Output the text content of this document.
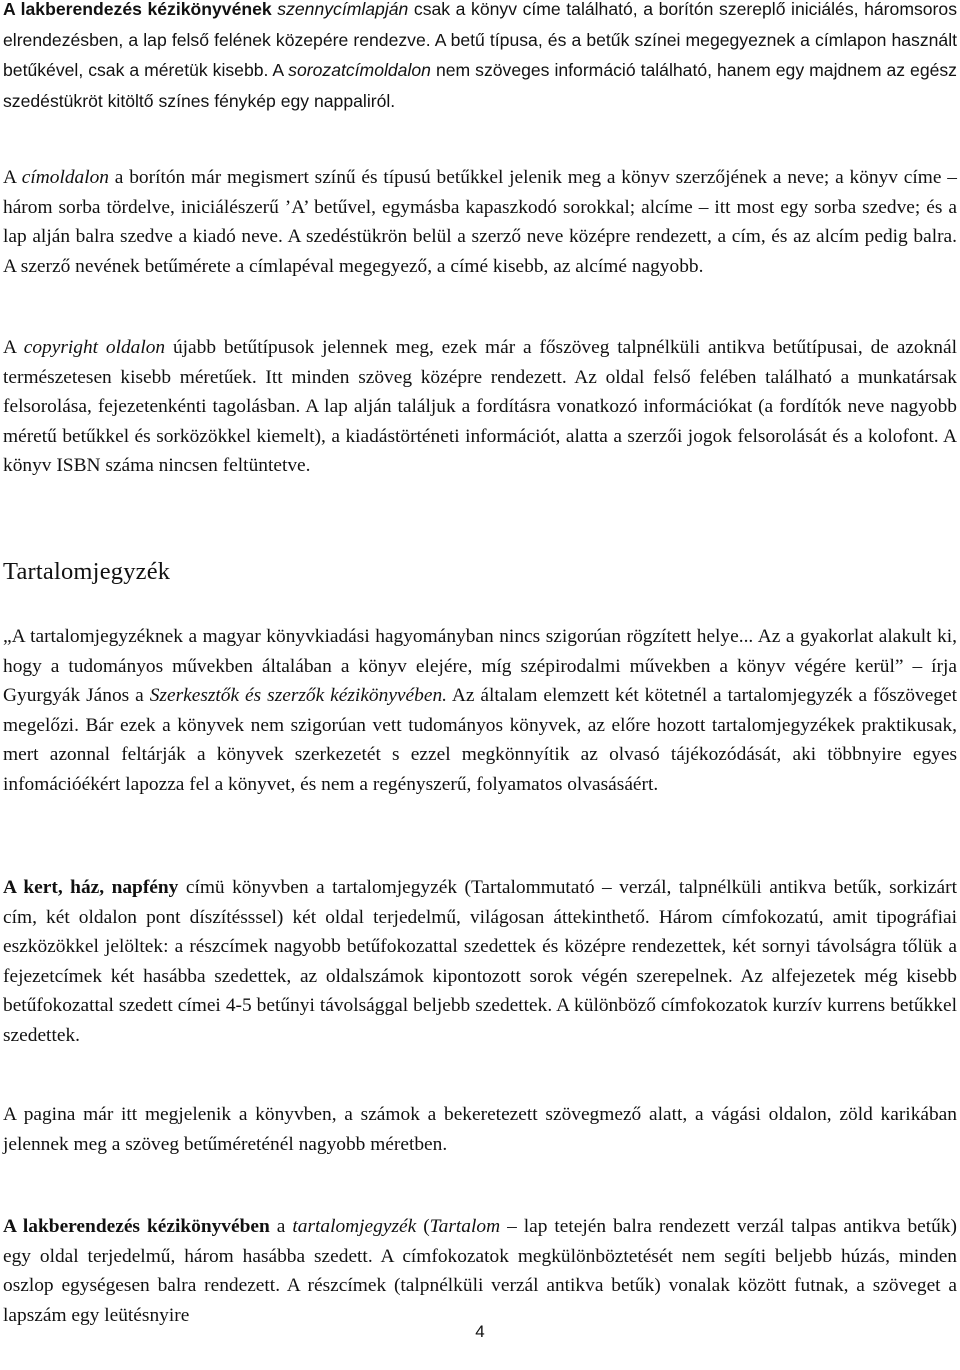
A lakberendezés kézikönyvének szennycímlapján csak a könyv címe található, a borítón szereplő iniciálés, háromsoros elrendezésben, a lap felső felének közepére rendezve. A betű típusa, és a betűk színei megegyeznek a címlapon használt betűkével, csak a méretük kisebb. A sorozatcímoldalon nem szöveges információ található, hanem egy majdnem az egész szedéstükröt kitöltő színes fénykép egy nappaliról.

A címoldalon a borítón már megismert színű és típusú betűkkel jelenik meg a könyv szerzőjének a neve; a könyv címe – három sorba tördelve, iniciálészerű ’A’ betűvel, egymásba kapaszkodó sorokkal; alcíme – itt most egy sorba szedve; és a lap alján balra szedve a kiadó neve. A szedéstükrön belül a szerző neve középre rendezett, a cím, és az alcím pedig balra. A szerző nevének betűmérete a címlapéval megegyező, a címé kisebb, az alcímé nagyobb.

A copyright oldalon újabb betűtípusok jelennek meg, ezek már a főszöveg talpnélküli antikva betűtípusai, de azoknál természetesen kisebb méretűek. Itt minden szöveg középre rendezett. Az oldal felső felében található a munkatársak felsorolása, fejezetenkénti tagolásban. A lap alján találjuk a fordításra vonatkozó információkat (a fordítók neve nagyobb méretű betűkkel és sorközökkel kiemelt), a kiadástörténeti információt, alatta a szerzői jogok felsorolását és a kolofont. A könyv ISBN száma nincsen feltüntetve.

Tartalomjegyzék

„A tartalomjegyzéknek a magyar könyvkiadási hagyományban nincs szigorúan rögzített helye... Az a gyakorlat alakult ki, hogy a tudományos művekben általában a könyv elejére, míg szépirodalmi művekben a könyv végére kerül” – írja Gyurgyák János a Szerkesztők és szerzők kézikönyvében. Az általam elemzett két kötetnél a tartalomjegyzék a főszöveget megelőzi. Bár ezek a könyvek nem szigorúan vett tudományos könyvek, az előre hozott tartalomjegyzékek praktikusak, mert azonnal feltárják a könyvek szerkezetét s ezzel megkönnyítik az olvasó tájékozódását, aki többnyire egyes infomációékért lapozza fel a könyvet, és nem a regényszerű, folyamatos olvasásáért.

A kert, ház, napfény címü könyvben a tartalomjegyzék (Tartalommutató – verzál, talpnélküli antikva betűk, sorkizárt cím, két oldalon pont díszítésssel) két oldal terjedelmű, világosan áttekinthető. Három címfokozatú, amit tipográfiai eszközökkel jelöltek: a részcímek nagyobb betűfokozattal szedettek és középre rendezettek, két sornyi távolságra tőlük a fejezetcímek két hasábba szedettek, az oldalszámok kipontozott sorok végén szerepelnek. Az alfejezetek még kisebb betűfokozattal szedett címei 4-5 betűnyi távolsággal beljebb szedettek. A különböző címfokozatok kurzív kurrens betűkkel szedettek.

A pagina már itt megjelenik a könyvben, a számok a bekeretezett szövegmező alatt, a vágási oldalon, zöld karikában jelennek meg a szöveg betűméreténél nagyobb méretben.

A lakberendezés kézikönyvében a tartalomjegyzék (Tartalom – lap tetején balra rendezett verzál talpas antikva betűk) egy oldal terjedelmű, három hasábba szedett. A címfokozatok megkülönböztetését nem segíti beljebb húzás, minden oszlop egységesen balra rendezett. A részcímek (talpnélküli verzál antikva betűk) vonalak között futnak, a szöveget a lapszám egy leütésnyire

4
